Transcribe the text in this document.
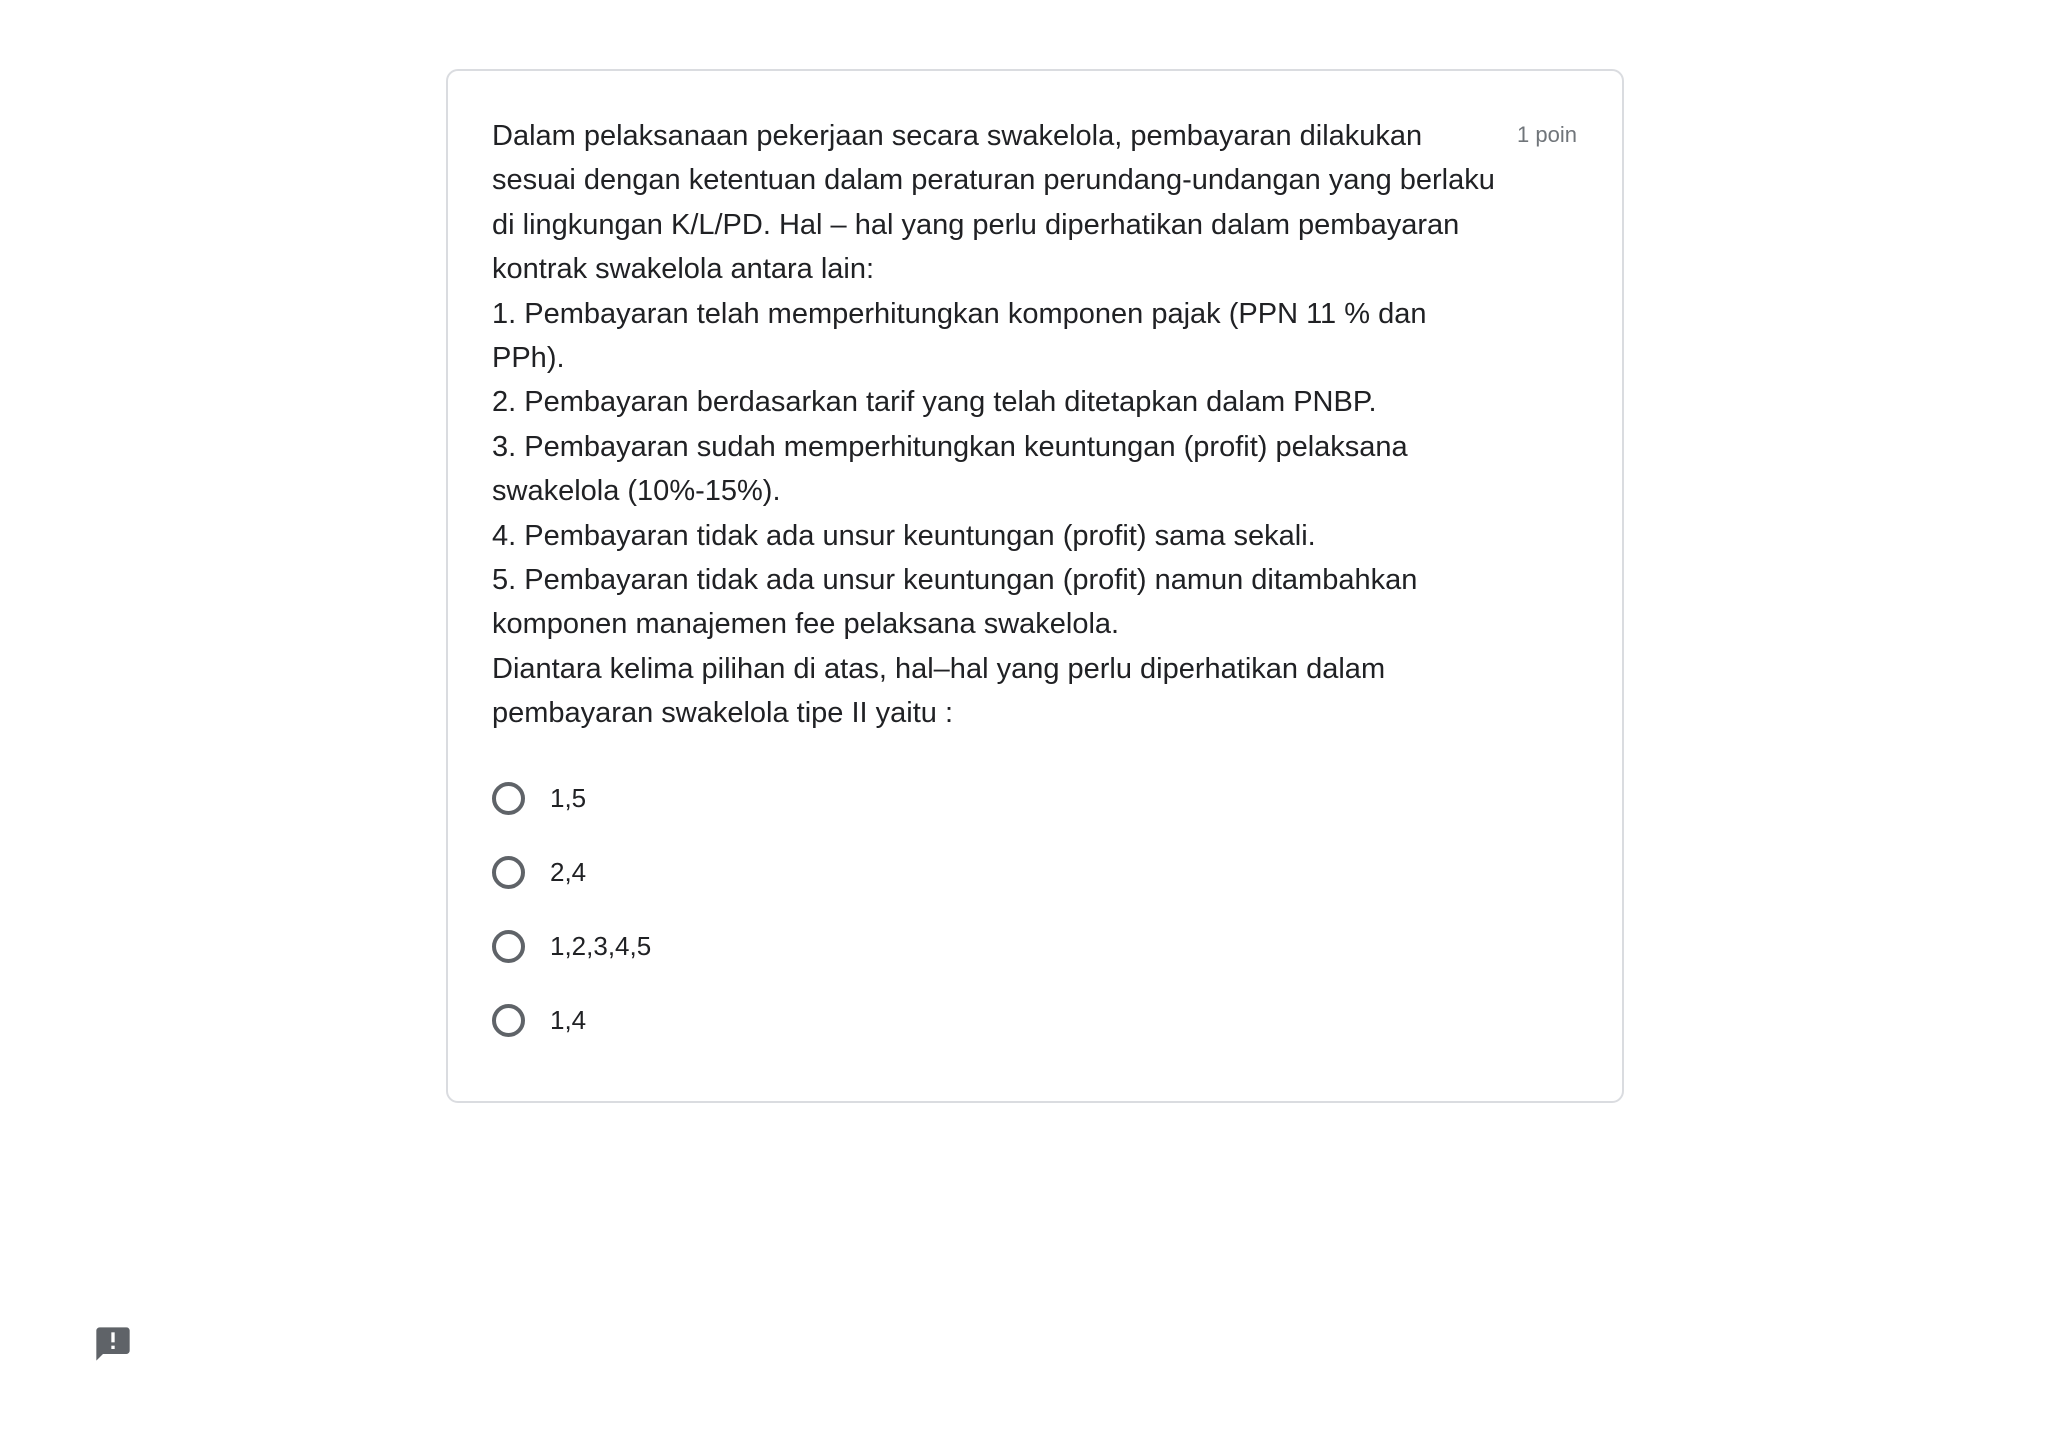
1 poin

Dalam pelaksanaan pekerjaan secara swakelola, pembayaran dilakukan
sesuai dengan ketentuan dalam peraturan perundang-undangan yang berlaku
di lingkungan K/L/PD. Hal – hal yang perlu diperhatikan dalam pembayaran
kontrak swakelola antara lain:
1. Pembayaran telah memperhitungkan komponen pajak (PPN 11 % dan
PPh).
2. Pembayaran berdasarkan tarif yang telah ditetapkan dalam PNBP.
3. Pembayaran sudah memperhitungkan keuntungan (profit) pelaksana
swakelola (10%-15%).
4. Pembayaran tidak ada unsur keuntungan (profit) sama sekali.
5. Pembayaran tidak ada unsur keuntungan (profit) namun ditambahkan
komponen manajemen fee pelaksana swakelola.
Diantara kelima pilihan di atas, hal–hal yang perlu diperhatikan dalam
pembayaran swakelola tipe II yaitu :

1,5
2,4
1,2,3,4,5
1,4
